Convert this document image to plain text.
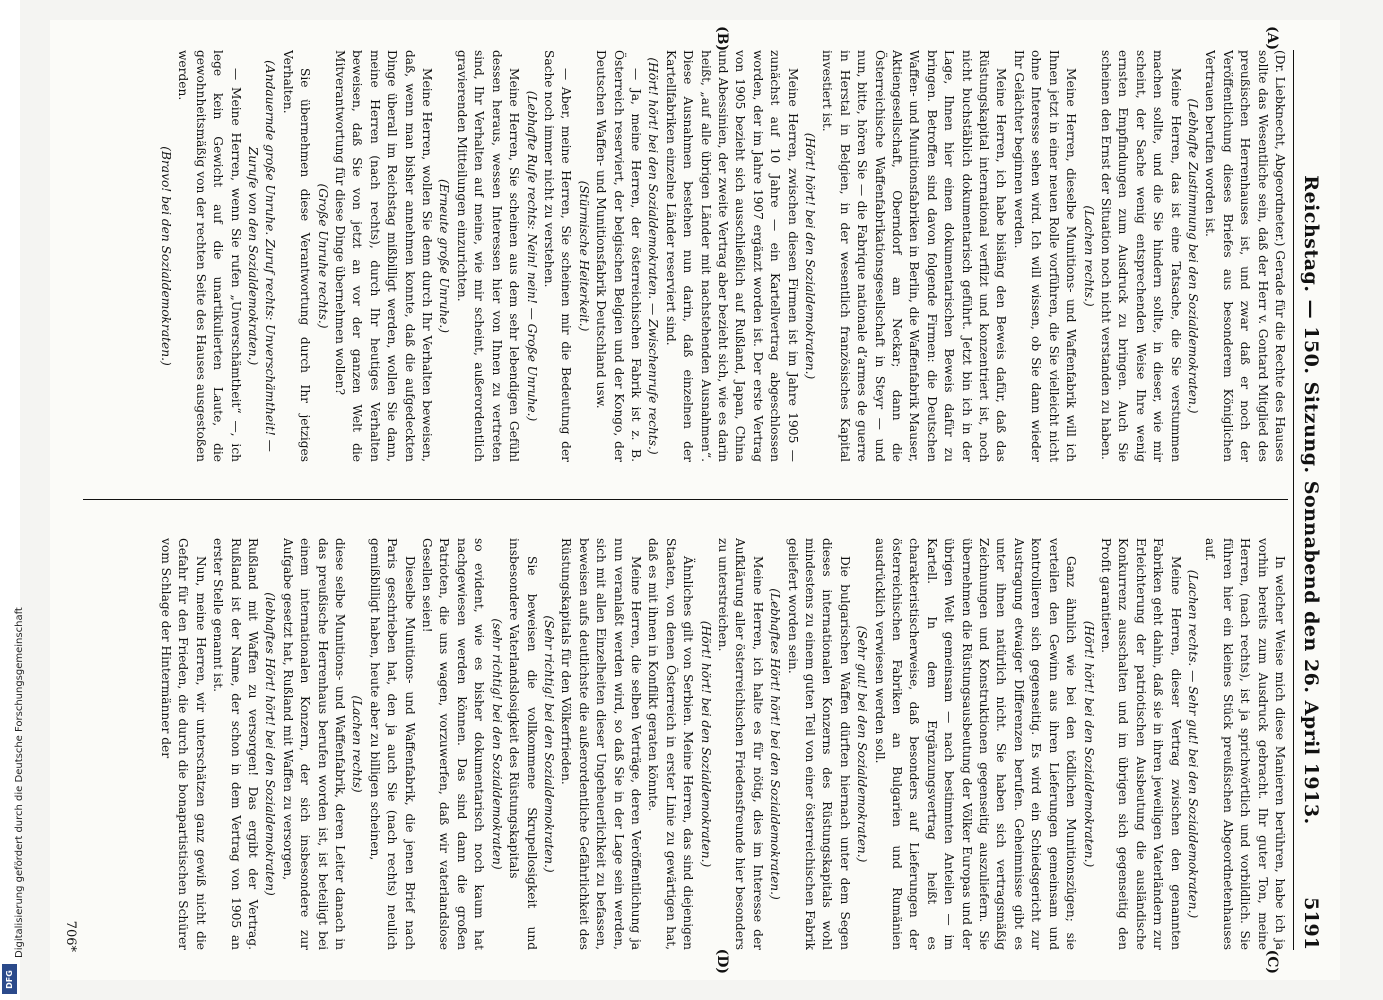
Reichstag. — 150. Sitzung. Sonnabend den 26. April 1913.
5191
(A)
(B)
(C)
(D)

(Dr. Liebknecht, Abgeordneter.) Gerade für die Rechte des Hauses sollte das Wesentliche sein, daß der Herr v. Gontard Mitglied des preußischen Herrenhauses ist, und zwar daß er noch der Veröffentlichung dieses Briefes aus besonderem Königlichen Vertrauen berufen worden ist.

(Lebhafte Zustimmung bei den Sozialdemokraten.)

Meine Herren, das ist eine Tatsache, die Sie verstummen machen sollte, und die Sie hindern sollte, in dieser, wie mir scheint, der Sache wenig entsprechenden Weise Ihre wenig ernsten Empfindungen zum Ausdruck zu bringen. Auch Sie scheinen den Ernst der Situation noch nicht verstanden zu haben.

(Lachen rechts.)

Meine Herren, dieselbe Munitions- und Waffenfabrik will ich Ihnen jetzt in einer neuen Rolle vorführen, die Sie vielleicht nicht ohne Interesse sehen wird. Ich will wissen, ob Sie dann wieder Ihr Gelächter beginnen werden.

Meine Herren, ich habe bisläng den Beweis dafür, daß das Rüstungskapital international verfilzt und konzentriert ist, noch nicht buchstäblich dokumentarisch geführt. Jetzt bin ich in der Lage, Ihnen hier einen dokumentarischen Beweis dafür zu bringen. Betroffen sind davon folgende Firmen: die Deutschen Waffen- und Munitionsfabriken in Berlin, die Waffenfabrik Mauser, Aktiengesellschaft, Oberndorf am Neckar; dann die Österreichische Waffenfabrikationsgesellschaft in Steyr — und nun, bitte, hören Sie — die Fabrique nationale d’armes de guerre in Herstal in Belgien, in der wesentlich französisches Kapital investiert ist.

(Hört! hört! bei den Sozialdemokraten.)

Meine Herren, zwischen diesen Firmen ist im Jahre 1905 — zunächst auf 10 Jahre — ein Kartellvertrag abgeschlossen worden, der im Jahre 1907 ergänzt worden ist. Der erste Vertrag von 1905 bezieht sich ausschließlich auf Rußland, Japan, China und Abessinien, der zweite Vertrag aber bezieht sich, wie es darin heißt, „auf alle übrigen Länder mit nachstehenden Ausnahmen“. Diese Ausnahmen bestehen nun darin, daß einzelnen der Kartellfabriken einzelne Länder reserviert sind.

(Hört! hört! bei den Sozialdemokraten. — Zwischenrufe rechts.)

— Ja, meine Herren, der österreichischen Fabrik ist z. B. Österreich reserviert, der belgischen Belgien und der Kongo, der Deutschen Waffen- und Munitionsfabrik Deutschland usw.

(Stürmische Heiterkeit.)

— Aber, meine Herren, Sie scheinen mir die Bedeutung der Sache noch immer nicht zu verstehen.

(Lebhafte Rufe rechts: Nein! nein! — Große Unruhe.)

Meine Herren, Sie scheinen aus dem sehr lebendigen Gefühl dessen heraus, wessen Interessen hier von Ihnen zu vertreten sind, Ihr Verhalten auf meine, wie mir scheint, außerordentlich gravierenden Mitteilungen einzurichten.

(Erneute große Unruhe.)

Meine Herren, wollen Sie denn durch Ihr Verhalten beweisen, daß, wenn man bisher annehmen konnte, daß die aufgedeckten Dinge überall im Reichstag mißbilligt werden, wollen Sie dann, meine Herren (nach rechts), durch Ihr heutiges Verhalten beweisen, daß Sie von jetzt an vor der ganzen Welt die Mitverantwortung für diese Dinge übernehmen wollen?

(Große Unruhe rechts.)

Sie übernehmen diese Verantwortung durch Ihr jetziges Verhalten.

(Andauernde große Unruhe. Zuruf rechts: Unverschämtheit! — Zurufe von den Sozialdemokraten.)

— Meine Herren, wenn Sie rufen „Unverschämtheit“ —, ich lege kein Gewicht auf die unartikulierten Laute, die gewohnheitsmäßig von der rechten Seite des Hauses ausgestoßen werden.

(Bravo! bei den Sozialdemokraten.)

In welcher Weise mich diese Manieren berühren, habe ich ja vorhin bereits zum Ausdruck gebracht. Ihr guter Ton, meine Herren, (nach rechts), ist ja sprichwörtlich und vorbildlich. Sie führen hier ein kleines Stück preußischen Abgeordnetenhauses auf.

(Lachen rechts. — Sehr gut! bei den Sozialdemokraten.)

Meine Herren, dieser Vertrag zwischen den genannten Fabriken geht dahin, daß sie in ihren jeweiligen Vaterländern zur Erleichterung der patriotischen Ausbeutung die ausländische Konkurrenz ausschalten und im übrigen sich gegenseitig den Profit garantieren.

(Hört! hört! bei den Sozialdemokraten.)

Ganz ähnlich wie bei den tödlichen Munitionszügen; sie verteilen den Gewinn aus ihren Lieferungen gemeinsam und kontrollieren sich gegenseitig. Es wird ein Schiedsgericht zur Austragung etwaiger Differenzen berufen. Geheimnisse gibt es unter ihnen natürlich nicht. Sie haben sich vertragsmäßig Zeichnungen und Konstruktionen gegenseitig auszuliefern. Sie übernehmen die Rüstungsausbeutung der Völker Europas und der übrigen Welt gemeinsam — nach bestimmten Anteilen — im Kartell. In dem Ergänzungsvertrag heißt es charakteristischerweise, daß besonders auf Lieferungen der österreichischen Fabriken an Bulgarien und Rumänien ausdrücklich verwiesen werden soll.

(Sehr gut! bei den Sozialdemokraten.)

Die bulgarischen Waffen dürften hiernach unter dem Segen dieses internationalen Konzerns des Rüstungskapitals wohl mindestens zu einem guten Teil von einer österreichischen Fabrik geliefert worden sein.

(Lebhaftes Hört! hört! bei den Sozialdemokraten.)

Meine Herren, ich halte es für nötig, dies im Interesse der Aufklärung aller österreichischen Friedensfreunde hier besonders zu unterstreichen.

(Hört! hört! bei den Sozialdemokraten.)

Ähnliches gilt von Serbien. Meine Herren, das sind diejenigen Staaten, von denen Österreich in erster Linie zu gewärtigen hat, daß es mit ihnen in Konflikt geraten könnte.

Meine Herren, die selben Verträge, deren Veröffentlichung ja nun veranlaßt werden wird, so daß Sie in der Lage sein werden, sich mit allen Einzelheiten dieser Ungeheuerlichkeit zu befassen, beweisen aufs deutlichste die außerordentliche Gefährlichkeit des Rüstungskapitals für den Völkerfrieden.

(Sehr richtig! bei den Sozialdemokraten.)

Sie beweisen die vollkommene Skrupellosigkeit und insbesondere Vaterlandslosigkeit des Rüstungskapitals

(sehr richtig! bei den Sozialdemokraten)

so evident, wie es bisher dokumentarisch noch kaum hat nachgewiesen werden können. Das sind dann die großen Patrioten, die uns wagen, vorzuwerfen, daß wir vaterlandslose Gesellen seien!

Dieselbe Munitions- und Waffenfabrik, die jenen Brief nach Paris geschrieben hat, den ja auch Sie (nach rechts) neulich gemißbilligt haben, heute aber zu billigen scheinen,

(Lachen rechts)

diese selbe Munitions- und Waffenfabrik, deren Leiter danach in das preußische Herrenhaus berufen worden ist, ist beteiligt bei einem internationalen Konzern, der sich insbesondere zur Aufgabe gesetzt hat, Rußland mit Waffen zu versorgen,

(lebhaftes Hört! hört! bei den Sozialdemokraten)

Rußland mit Waffen zu versorgen! Das ergibt der Vertrag. Rußland ist der Name, der schon in dem Vertrag von 1905 an erster Stelle genannt ist.

Nun, meine Herren, wir unterschätzen ganz gewiß nicht die Gefahr für den Frieden, die durch die bonapartistischen Schürer vom Schlage der Hintermänner der

706*
Digitalisierung gefördert durch die Deutsche Forschungsgemeinschaft
DFG
